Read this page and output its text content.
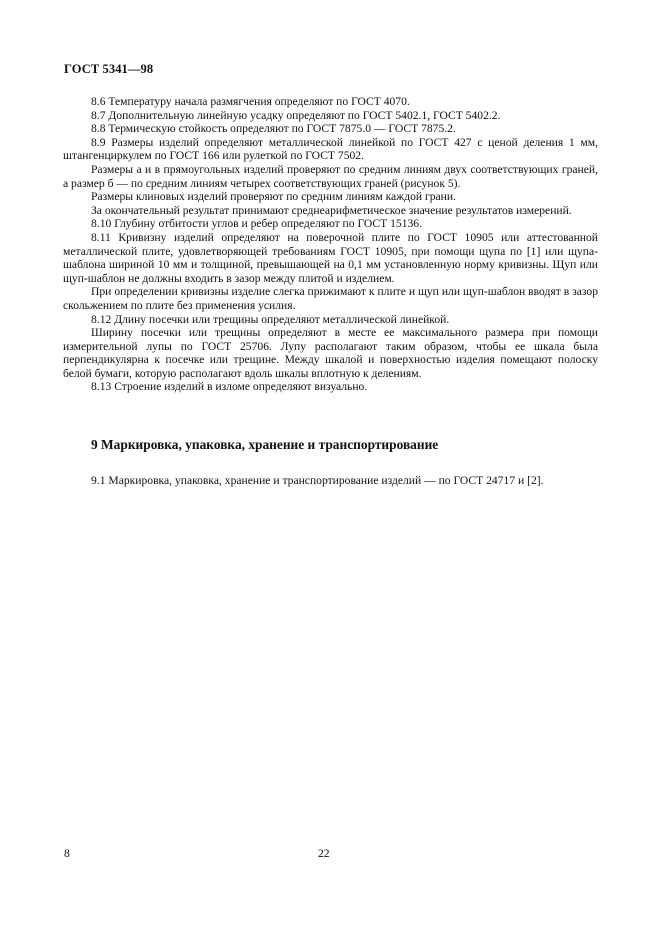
ГОСТ 5341—98

8.6 Температуру начала размягчения определяют по ГОСТ 4070.

8.7 Дополнительную линейную усадку определяют по ГОСТ 5402.1, ГОСТ 5402.2.

8.8 Термическую стойкость определяют по ГОСТ 7875.0 — ГОСТ 7875.2.

8.9 Размеры изделий определяют металлической линейкой по ГОСТ 427 с ценой деления 1 мм, штангенциркулем по ГОСТ 166 или рулеткой по ГОСТ 7502.

Размеры а и в прямоугольных изделий проверяют по средним линиям двух соответствующих граней, а размер б — по средним линиям четырех соответствующих граней (рисунок 5).

Размеры клиновых изделий проверяют по средним линиям каждой грани.

За окончательный результат принимают среднеарифметическое значение результатов измерений.

8.10 Глубину отбитости углов и ребер определяют по ГОСТ 15136.

8.11 Кривизну изделий определяют на поверочной плите по ГОСТ 10905 или аттестованной металлической плите, удовлетворяющей требованиям ГОСТ 10905, при помощи щупа по [1] или щупа-шаблона шириной 10 мм и толщиной, превышающей на 0,1 мм установленную норму кривизны. Щуп или щуп-шаблон не должны входить в зазор между плитой и изделием.

При определении кривизны изделие слегка прижимают к плите и щуп или щуп-шаблон вводят в зазор скольжением по плите без применения усилия.

8.12 Длину посечки или трещины определяют металлической линейкой.

Ширину посечки или трещины определяют в месте ее максимального размера при помощи измерительной лупы по ГОСТ 25706. Лупу располагают таким образом, чтобы ее шкала была перпендикулярна к посечке или трещине. Между шкалой и поверхностью изделия помещают полоску белой бумаги, которую располагают вдоль шкалы вплотную к делениям.

8.13 Строение изделий в изломе определяют визуально.

9 Маркировка, упаковка, хранение и транспортирование
9.1 Маркировка, упаковка, хранение и транспортирование изделий — по ГОСТ 24717 и [2].
8	22
